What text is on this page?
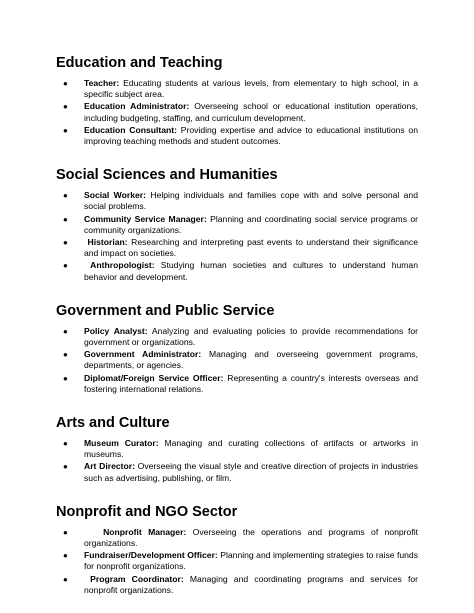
Education and Teaching
● Teacher: Educating students at various levels, from elementary to high school, in a specific subject area.
● Education Administrator: Overseeing school or educational institution operations, including budgeting, staffing, and curriculum development.
● Education Consultant: Providing expertise and advice to educational institutions on improving teaching methods and student outcomes.
Social Sciences and Humanities
● Social Worker: Helping individuals and families cope with and solve personal and social problems.
● Community Service Manager: Planning and coordinating social service programs or community organizations.
● Historian: Researching and interpreting past events to understand their significance and impact on societies.
●	Anthropologist: Studying human societies and cultures to understand human behavior and development.
Government and Public Service
● Policy Analyst: Analyzing and evaluating policies to provide recommendations for government or organizations.
● Government Administrator: Managing and overseeing government programs, departments, or agencies.
● Diplomat/Foreign Service Officer: Representing a country's interests overseas and fostering international relations.
Arts and Culture
● Museum Curator: Managing and curating collections of artifacts or artworks in museums.
● Art Director: Overseeing the visual style and creative direction of projects in industries such as advertising, publishing, or film.
Nonprofit and NGO Sector
●	Nonprofit Manager: Overseeing the operations and programs of nonprofit organizations.
● Fundraiser/Development Officer: Planning and implementing strategies to raise funds for nonprofit organizations.
●	Program Coordinator: Managing and coordinating programs and services for nonprofit organizations.
